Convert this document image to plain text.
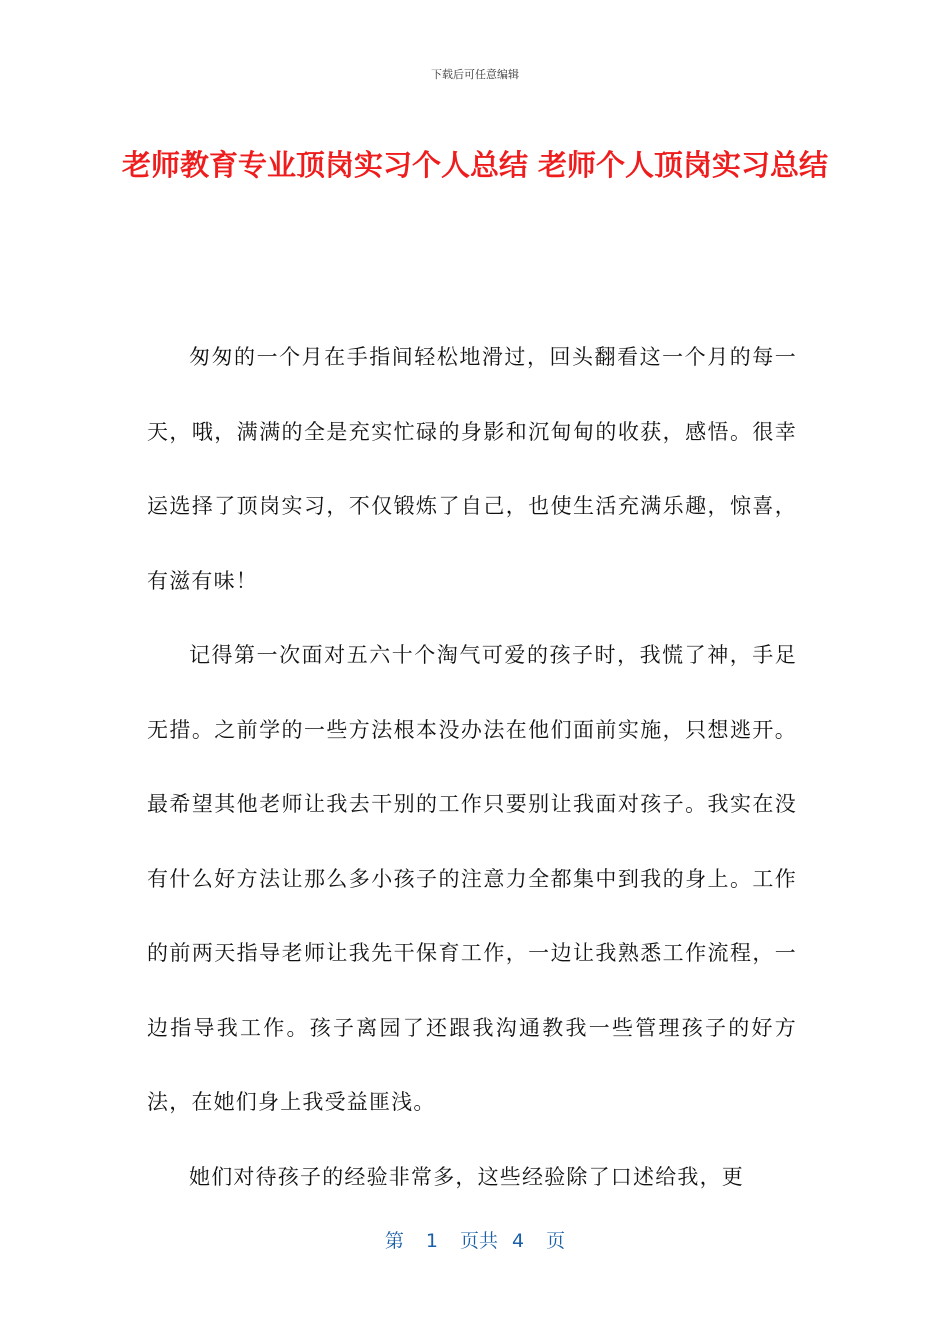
下载后可任意编辑
老师教育专业顶岗实习个人总结 老师个人顶岗实习总结

匆匆的一个月在手指间轻松地滑过，回头翻看这一个月的每一天，哦，满满的全是充实忙碌的身影和沉甸甸的收获，感悟。很幸运选择了顶岗实习，不仅锻炼了自己，也使生活充满乐趣，惊喜，有滋有味！

记得第一次面对五六十个淘气可爱的孩子时，我慌了神，手足无措。之前学的一些方法根本没办法在他们面前实施，只想逃开。最希望其他老师让我去干别的工作只要别让我面对孩子。我实在没有什么好方法让那么多小孩子的注意力全都集中到我的身上。工作的前两天指导老师让我先干保育工作，一边让我熟悉工作流程，一边指导我工作。孩子离园了还跟我沟通教我一些管理孩子的好方法，在她们身上我受益匪浅。

她们对待孩子的经验非常多，这些经验除了口述给我，更

第 1 页共 4 页
